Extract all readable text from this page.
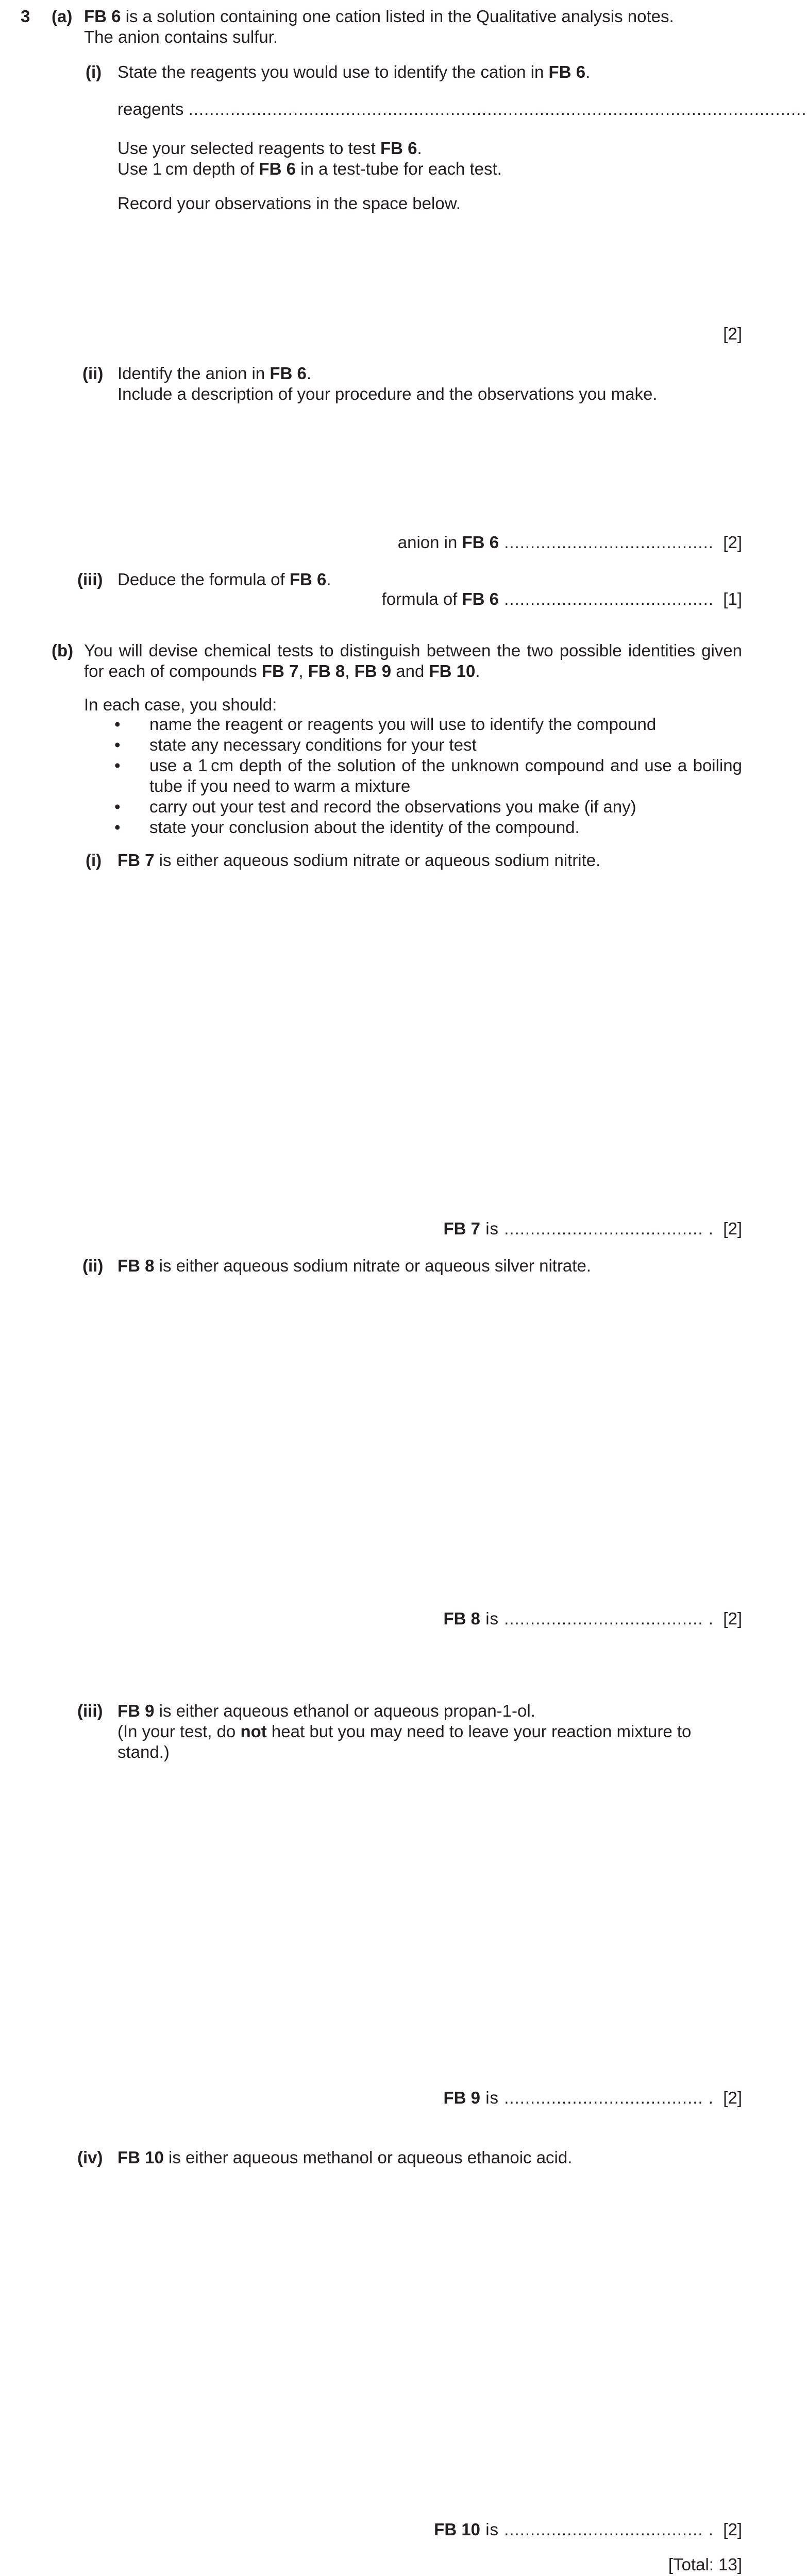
3 (a) FB 6 is a solution containing one cation listed in the Qualitative analysis notes.
The anion contains sulfur.
(i) State the reagents you would use to identify the cation in FB 6.
reagents ......................................................................................................................
Use your selected reagents to test FB 6.
Use 1 cm depth of FB 6 in a test-tube for each test.
Record your observations in the space below.
[2]
(ii) Identify the anion in FB 6.
Include a description of your procedure and the observations you make.
anion in FB 6 ........................................ [2]
(iii) Deduce the formula of FB 6.
formula of FB 6 ........................................ [1]
(b) You will devise chemical tests to distinguish between the two possible identities given for each of compounds FB 7, FB 8, FB 9 and FB 10.
In each case, you should:
• name the reagent or reagents you will use to identify the compound
• state any necessary conditions for your test
• use a 1 cm depth of the solution of the unknown compound and use a boiling tube if you need to warm a mixture
• carry out your test and record the observations you make (if any)
• state your conclusion about the identity of the compound.
(i) FB 7 is either aqueous sodium nitrate or aqueous sodium nitrite.
FB 7 is ...................................... . [2]
(ii) FB 8 is either aqueous sodium nitrate or aqueous silver nitrate.
FB 8 is ...................................... . [2]
(iii) FB 9 is either aqueous ethanol or aqueous propan-1-ol.
(In your test, do not heat but you may need to leave your reaction mixture to stand.)
FB 9 is ...................................... . [2]
(iv) FB 10 is either aqueous methanol or aqueous ethanoic acid.
FB 10 is ...................................... . [2]
[Total: 13]
